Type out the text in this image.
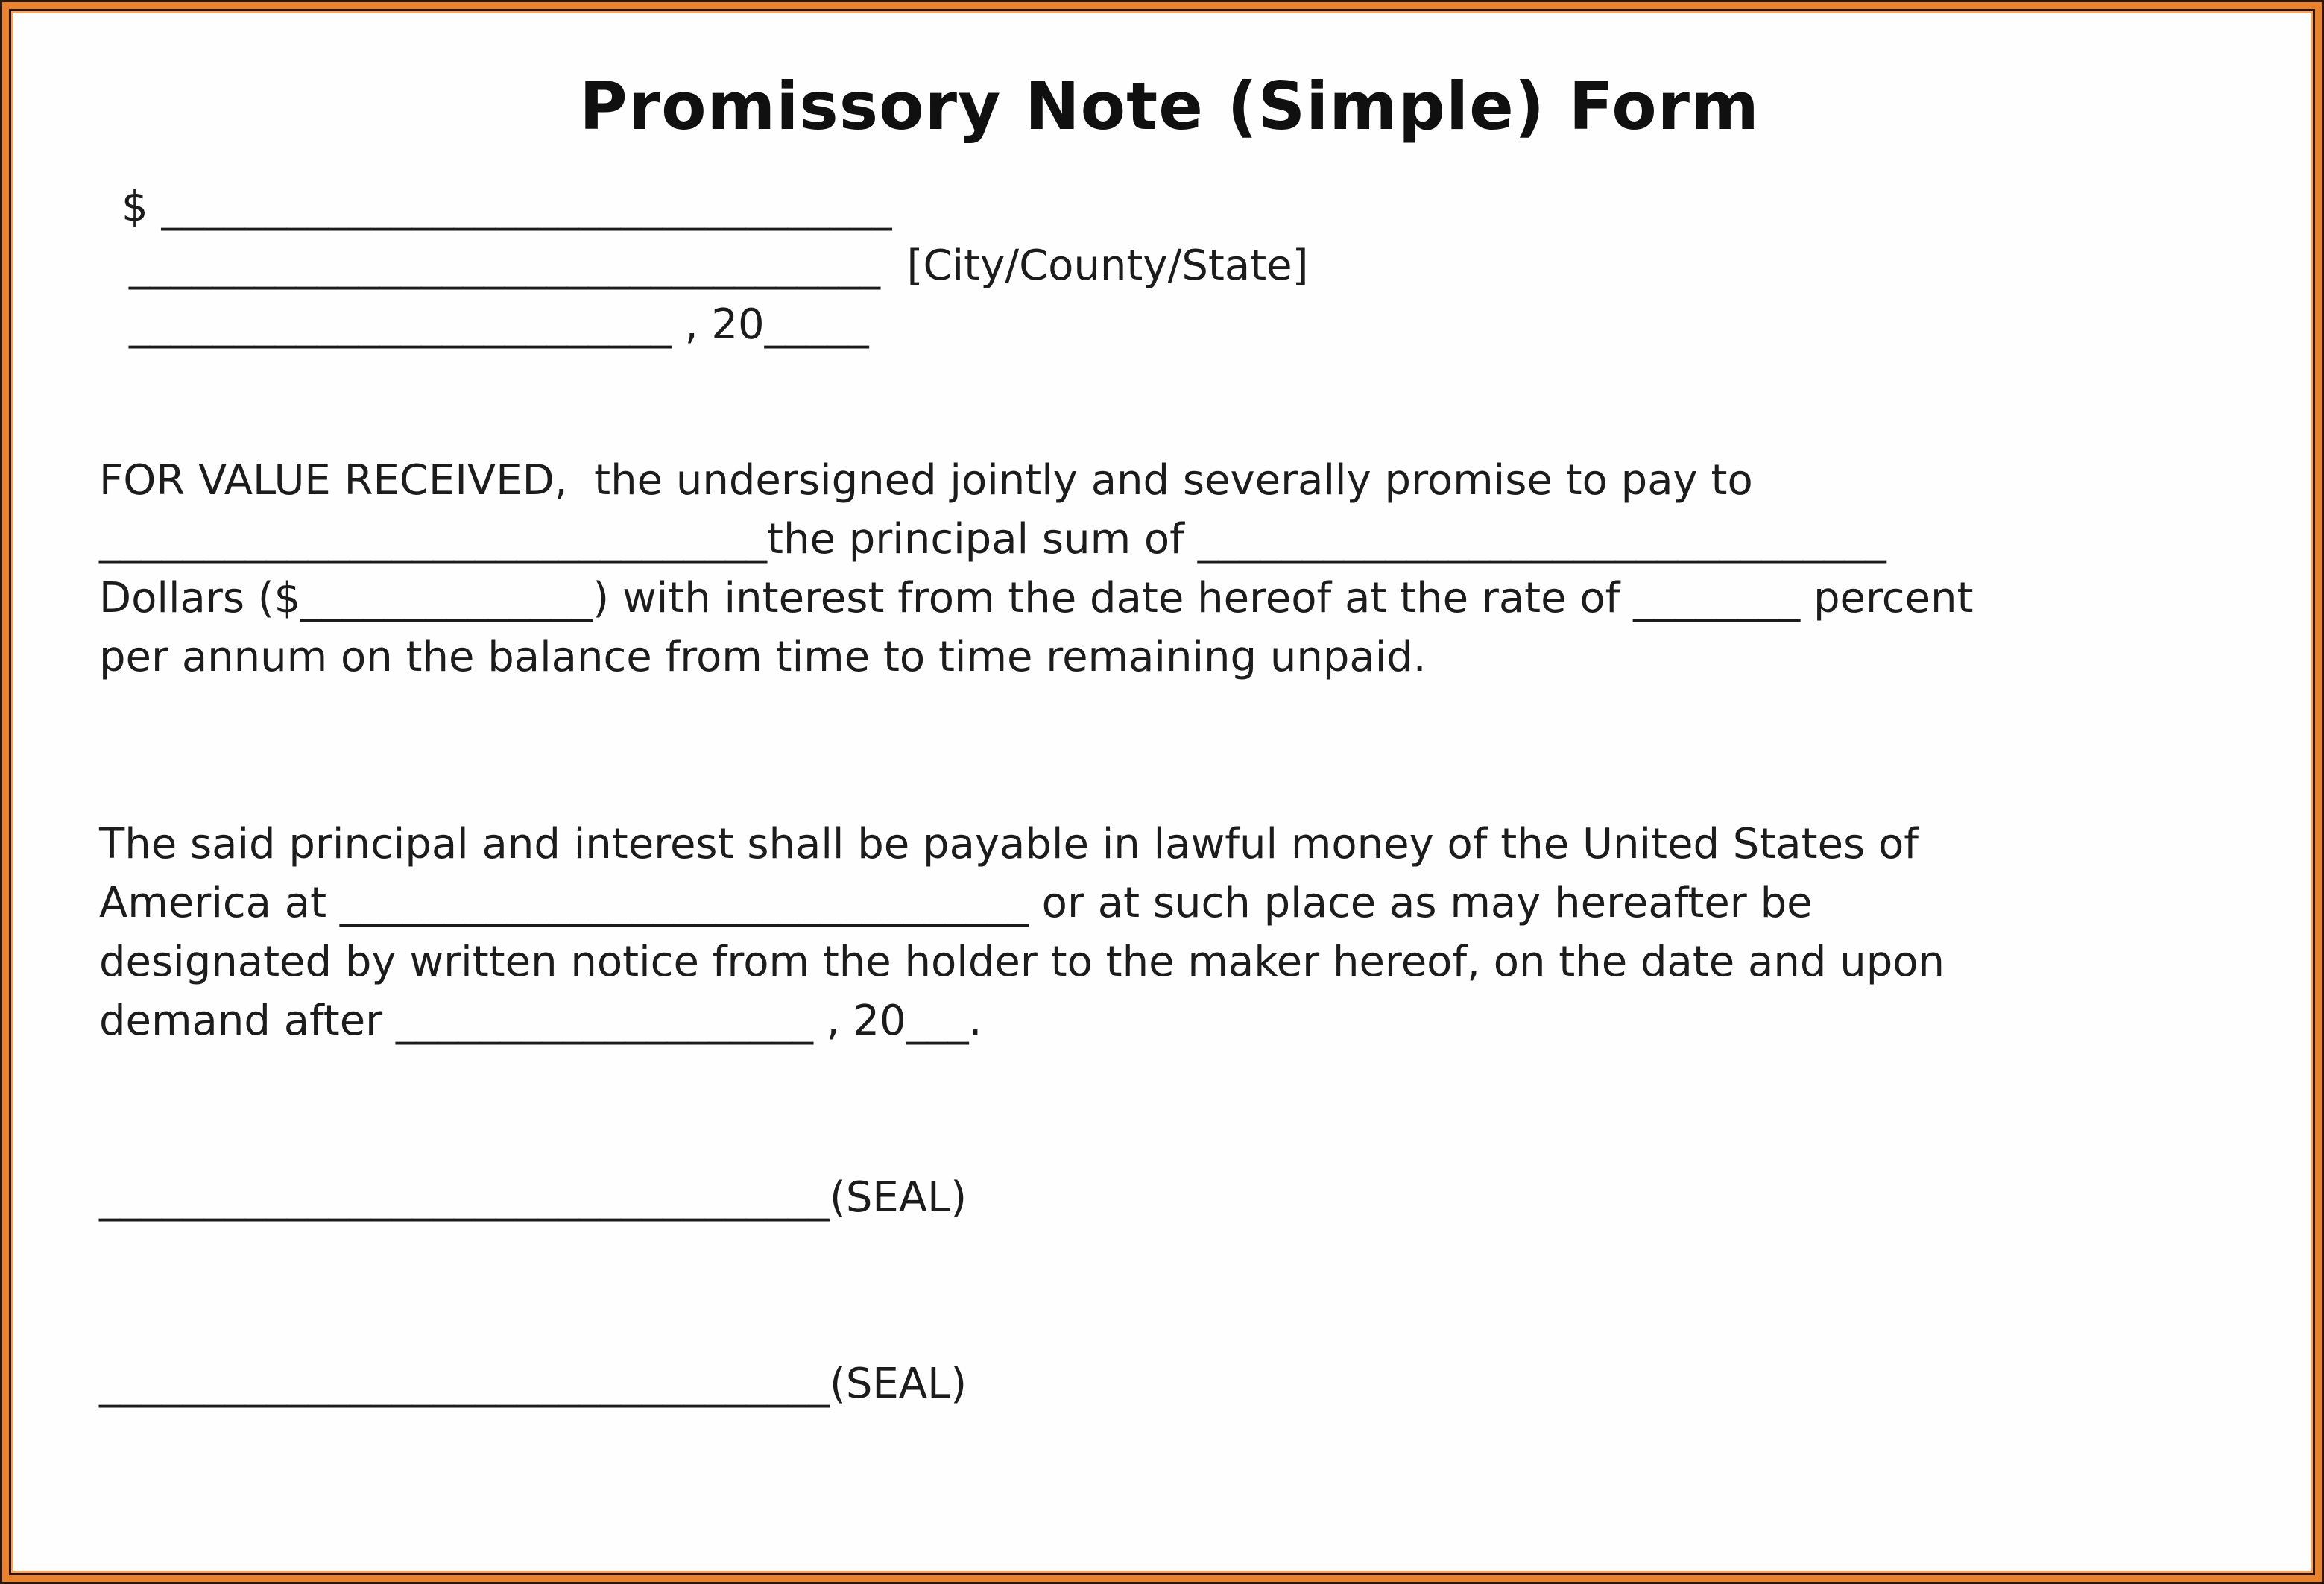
Promissory Note (Simple) Form
$ ___________________________________
____________________________________  [City/County/State]
__________________________ , 20_____
FOR VALUE RECEIVED,  the undersigned jointly and severally promise to pay to
________________________________the principal sum of _________________________________
Dollars ($______________) with interest from the date hereof at the rate of ________ percent
per annum on the balance from time to time remaining unpaid.
The said principal and interest shall be payable in lawful money of the United States of
America at _________________________________ or at such place as may hereafter be
designated by written notice from the holder to the maker hereof, on the date and upon
demand after ____________________ , 20___.
___________________________________(SEAL)
___________________________________(SEAL)
